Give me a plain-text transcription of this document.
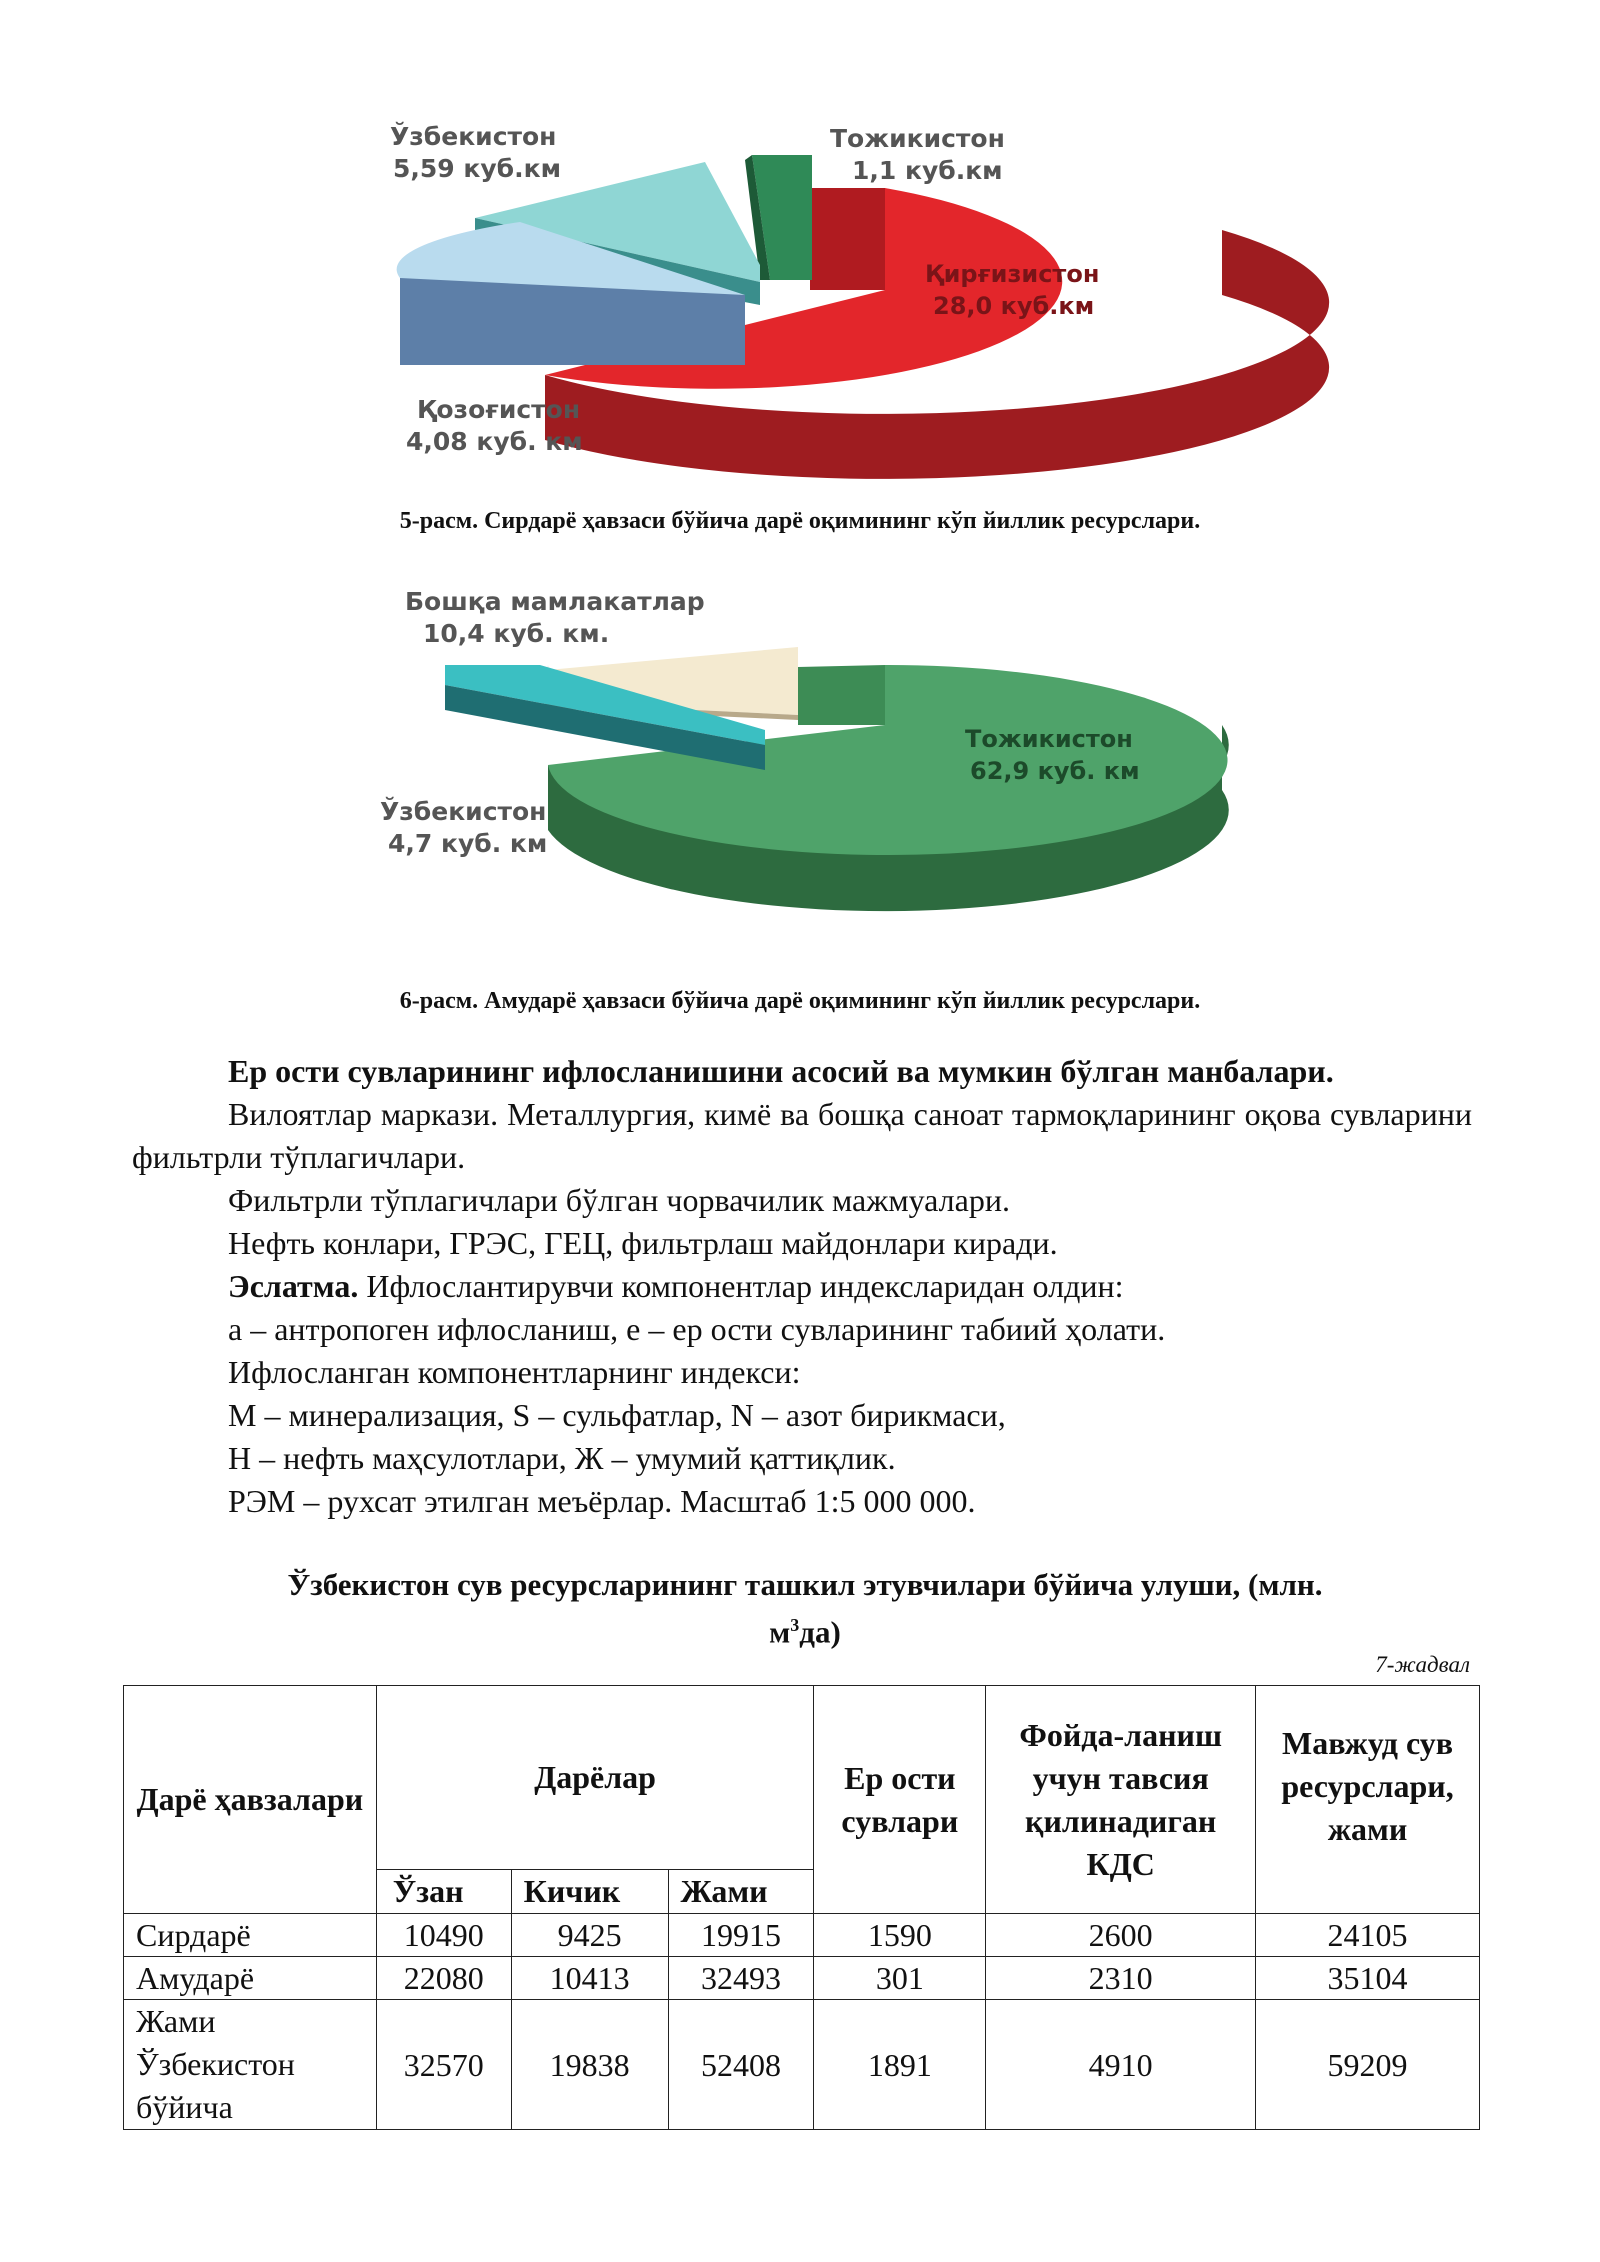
Ўзбекистон
5,59 куб.км
Тожикистон
1,1 куб.км
Қирғизистон
28,0 куб.км
Қозоғистон
4,08 куб. км
5-расм. Сирдарё ҳавзаси бўйича дарё оқимининг кўп йиллик ресурслари.
Бошқа мамлакатлар
10,4 куб. км.
Тожикистон
62,9 куб. км
Ўзбекистон
4,7 куб. км
6-расм. Амударё ҳавзаси бўйича дарё оқимининг кўп йиллик ресурслари.

Ер ости сувларининг ифлосланишини асосий ва мумкин бўлган манбалари.

Вилоятлар маркази. Металлургия, кимё ва бошқа саноат тармоқларининг оқова сувларини фильтрли тўплагичлари.

Фильтрли тўплагичлари бўлган чорвачилик мажмуалари.

Нефть конлари, ГРЭС, ГЕЦ, фильтрлаш майдонлари киради.

Эслатма. Ифлослантирувчи компонентлар индексларидан олдин:

а – антропоген ифлосланиш, е – ер ости сувларининг табиий ҳолати.

Ифлосланган компонентларнинг индекси:

М – минерализация, S – сульфатлар, N – азот бирикмаси,

Н – нефть маҳсулотлари, Ж – умумий қаттиқлик.

РЭМ – рухсат этилган меъёрлар. Масштаб 1:5 000 000.

Ўзбекистон сув ресурсларининг ташкил этувчилари бўйича улуши, (млн.
$м^3да$)
7-жадвал
Дарё ҳавзалари	Дарёлар			Ер ости сувлари	Фойда-ланиш учун тавсия қилинадиган КДС	Мавжуд сув ресурслари, жами
	Ўзан	Кичик	Жами			
Сирдарё	10490	9425	19915	1590	2600	24105
Амударё	22080	10413	32493	301	2310	35104
Жами Ўзбекистон бўйича	32570	19838	52408	1891	4910	59209
